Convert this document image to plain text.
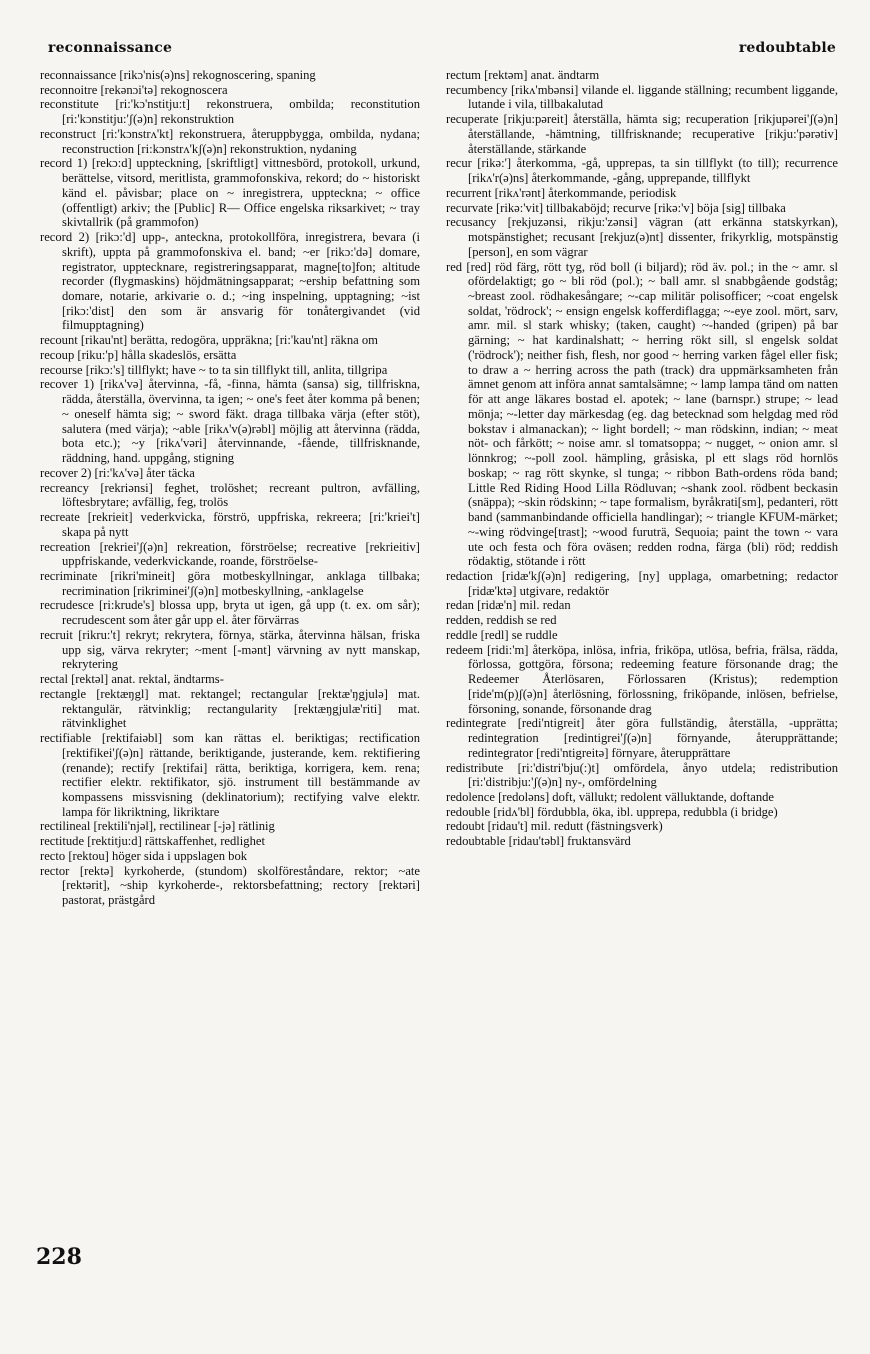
reconnaissance	redoubtable

reconnaissance [rikɔ'nis(ə)ns] rekognoscering, spaning

reconnoitre [rekənɔi'tə] rekognoscera

reconstitute [ri:'kɔ'nstitju:t] rekonstruera, ombilda; reconstitution [ri:'kɔnstitju:'ʃ(ə)n] rekonstruktion

reconstruct [ri:'kɔnstrʌ'kt] rekonstruera, återuppbygga, ombilda, nydana; reconstruction [ri:kɔnstrʌ'kʃ(ə)n] rekonstruktion, nydaning

record 1) [rekɔ:d] uppteckning, [skriftligt] vittnesbörd, protokoll, urkund, berättelse, vitsord, meritlista, grammofonskiva, rekord; do ~ historiskt känd el. påvisbar; place on ~ inregistrera, upptecknа; ~ office (offentligt) arkiv; the [Public] R— Office engelska riksarkivet; ~ tray skivtallrik (på grammofon)

record 2) [rikɔ:'d] upp-, anteckna, protokollföra, inregistrera, bevara (i skrift), uppta på grammofonskiva el. band; ~er [rikɔ:'də] domare, registrator, upptecknare, registreringsapparat, magne[to]fon; altitude recorder (flygmaskins) höjdmätningsapparat; ~ership befattning som domare, notarie, arkivarie o. d.; ~ing inspelning, upptagning; ~ist [rikɔ:'dist] den som är ansvarig för tonåtergivandet (vid filmupptagning)

recount [rikau'nt] berätta, redogöra, uppräkna; [ri:'kau'nt] räkna om

recoup [riku:'p] hålla skadeslös, ersätta

recourse [rikɔ:'s] tillflykt; have ~ to ta sin tillflykt till, anlita, tillgripa

recover 1) [rikʌ'və] återvinna, -få, -finna, hämta (sansa) sig, tillfriskna, rädda, återställa, övervinna, ta igen; ~ one's feet åter komma på benen; ~ oneself hämta sig; ~ sword fäkt. draga tillbaka värja (efter stöt), salutera (med värja); ~able [rikʌ'v(ə)rəbl] möjlig att återvinna (rädda, bota etc.); ~y [rikʌ'vəri] återvinnande, -fående, tillfrisknande, räddning, hand. uppgång, stigning

recover 2) [ri:'kʌ'və] åter täcka

recreancy [rekriənsi] feghet, trolöshet; recreant pultron, avfälling, löftesbrytare; avfällig, feg, trolös

recreate [rekrieit] vederkvicka, förströ, uppfriska, rekreera; [ri:'kriei't] skapa på nytt

recreation [rekriei'ʃ(ə)n] rekreation, förströelse; recreative [rekrieitiv] uppfriskande, vederkvickande, roande, förströelse-

recriminate [rikri'mineit] göra motbeskyllningar, anklaga tillbaka; recrimination [rikriminei'ʃ(ə)n] motbeskyllning, -anklagelse

recrudesce [ri:krude's] blossa upp, bryta ut igen, gå upp (t. ex. om sår); recrudescent som åter går upp el. åter förvärras

recruit [rikru:'t] rekryt; rekrytera, förnya, stärka, återvinna hälsan, friska upp sig, värva rekryter; ~ment [-mənt] värvning av nytt manskap, rekrytering

rectal [rektəl] anat. rektal, ändtarms-

rectangle [rektæŋgl] mat. rektangel; rectangular [rektæ'ŋgjulə] mat. rektangulär, rätvinklig; rectangularity [rektæŋgjulæ'riti] mat. rätvinklighet

rectifiable [rektifaiəbl] som kan rättas el. beriktigas; rectification [rektifikei'ʃ(ə)n] rättande, beriktigande, justerande, kem. rektifiering (renande); rectify [rektifai] rätta, beriktiga, korrigera, kem. rena; rectifier elektr. rektifikator, sjö. instrument till bestämmande av kompassens missvisning (deklinatorium); rectifying valve elektr. lampa för likriktning, likriktare

rectilineal [rektili'njəl], rectilinear [-jə] rätlinig

rectitude [rektitju:d] rättskaffenhet, redlighet

recto [rektou] höger sida i uppslagen bok

rector [rektə] kyrkoherde, (stundom) skolföreståndare, rektor; ~ate [rektərit], ~ship kyrkoherde-, rektorsbefattning; rectory [rektəri] pastorat, prästgård

rectum [rektəm] anat. ändtarm

recumbency [rikʌ'mbənsi] vilande el. liggande ställning; recumbent liggande, lutande i vila, tillbakalutad

recuperate [rikju:pəreit] återställa, hämta sig; recuperation [rikjupərei'ʃ(ə)n] återställande, -hämtning, tillfrisknande; recuperative [rikju:'pərətiv] återställande, stärkande

recur [rikə:'] återkomma, -gå, upprepas, ta sin tillflykt (to till); recurrence [rikʌ'r(ə)ns] återkommande, -gång, upprepande, tillflykt

recurrent [rikʌ'rənt] återkommande, periodisk

recurvate [rikə:'vit] tillbakaböjd; recurve [rikə:'v] böja [sig] tillbaka

recusancy [rekjuzənsi, rikju:'zənsi] vägran (att erkänna statskyrkan), motspänstighet; recusant [rekjuz(ə)nt] dissenter, frikyrklig, motspänstig [person], en som vägrar

red [red] röd färg, rött tyg, röd boll (i biljard); röd äv. pol.; in the ~ amr. sl ofördelaktigt; go ~ bli röd (pol.); ~ ball amr. sl snabbgående godståg; ~breast zool. rödhakesångare; ~-cap militär polisofficer; ~coat engelsk soldat, 'rödrock'; ~ ensign engelsk kofferdiflagga; ~-eye zool. mört, sarv, amr. mil. sl stark whisky; (taken, caught) ~-handed (gripen) på bar gärning; ~ hat kardinalshatt; ~ herring rökt sill, sl engelsk soldat ('rödrock'); neither fish, flesh, nor good ~ herring varken fågel eller fisk; to draw a ~ herring across the path (track) dra uppmärksamheten från ämnet genom att införa annat samtalsämne; ~ lamp lampa tänd om natten för att ange läkares bostad el. apotek; ~ lane (barnspr.) strupe; ~ lead mönja; ~-letter day märkesdag (eg. dag betecknad som helgdag med röd bokstav i almanackan); ~ light bordell; ~ man rödskinn, indian; ~ meat nöt- och fårkött; ~ noise amr. sl tomatsoppa; ~ nugget, ~ onion amr. sl lönnkrog; ~-poll zool. hämpling, gråsiska, pl ett slags röd hornlös boskap; ~ rag rött skynke, sl tunga; ~ ribbon Bath-ordens röda band; Little Red Riding Hood Lilla Rödluvan; ~shank zool. rödbent beckasin (snäppa); ~skin rödskinn; ~ tape formalism, byråkrati[sm], pedanteri, rött band (sammanbindande officiella handlingar); ~ triangle KFUM-märket; ~-wing rödvinge[trast]; ~wood furuträ, Sequoia; paint the town ~ vara ute och festa och föra oväsen; redden rodna, färga (bli) röd; reddish rödaktig, stötande i rött

redaction [ridæ'kʃ(ə)n] redigering, [ny] upplaga, omarbetning; redactor [ridæ'ktə] utgivare, redaktör

redan [ridæ'n] mil. redan

redden, reddish se red

reddle [redl] se ruddle

redeem [ridi:'m] återköpa, inlösa, infria, friköpa, utlösa, befria, frälsa, rädda, förlossa, gottgöra, försona; redeeming feature försonande drag; the Redeemer Återlösaren, Förlossaren (Kristus); redemption [ride'm(p)ʃ(ə)n] återlösning, förlossning, friköpande, inlösen, befrielse, försoning, sonande, försonande drag

redintegrate [redi'ntigreit] åter göra fullständig, återställa, -upprätta; redintegration [redintigrei'ʃ(ə)n] förnyande, återupprättande; redintegrator [redi'ntigreitə] förnyare, återupprättare

redistribute [ri:'distri'bju(:)t] omfördela, ånyo utdela; redistribution [ri:'distribju:'ʃ(ə)n] ny-, omfördelning

redolence [redoləns] doft, vällukt; redolent välluktande, doftande

redouble [ridʌ'bl] fördubbla, öka, ibl. upprepa, redubbla (i bridge)

redoubt [ridau't] mil. redutt (fästningsverk)

redoubtable [ridau'təbl] fruktansvärd

228
